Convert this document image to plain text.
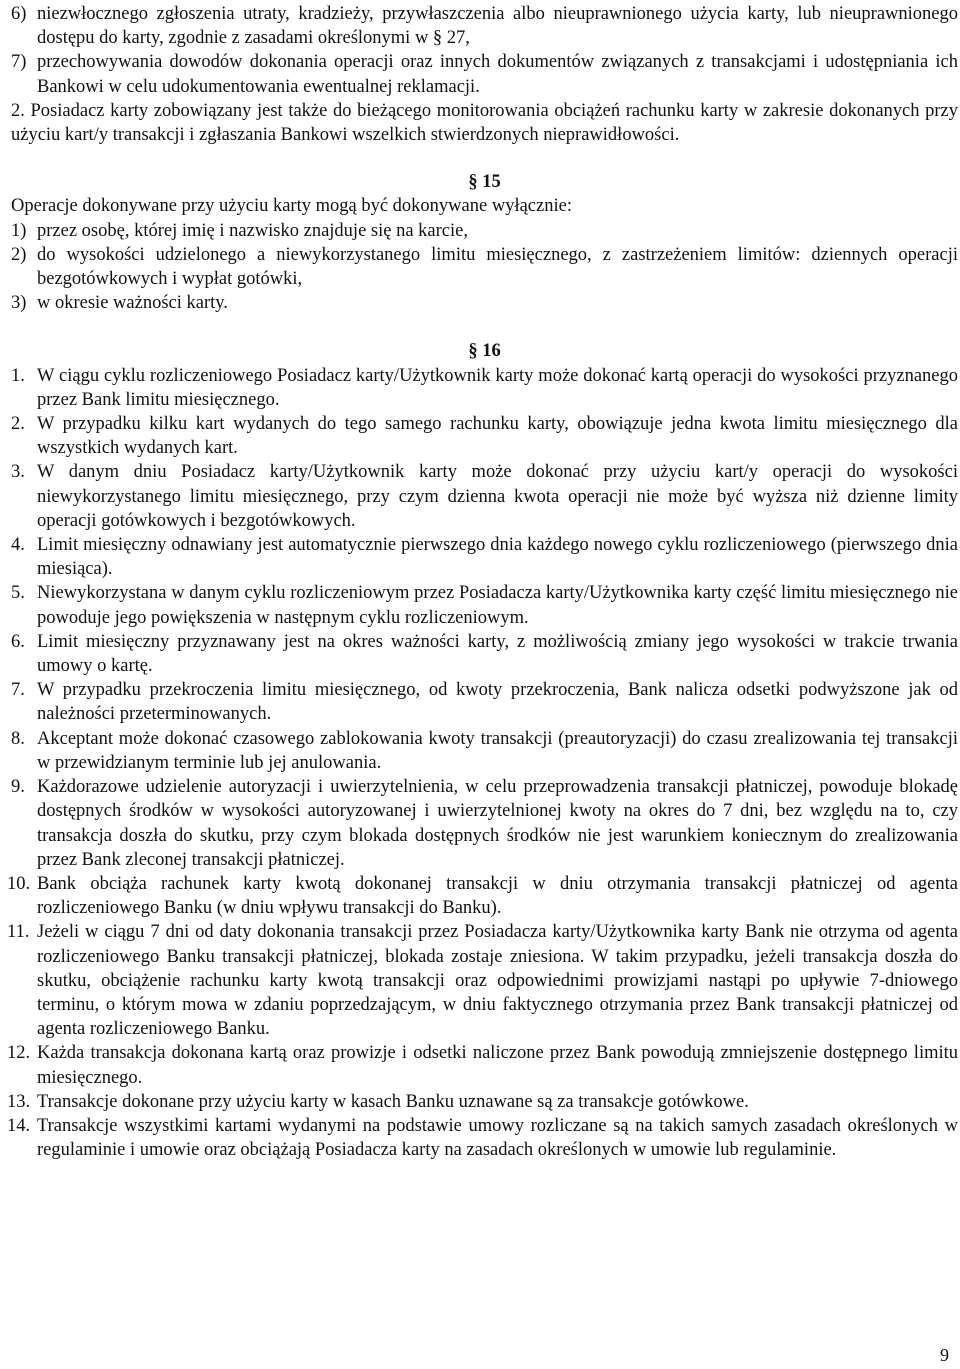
6) niezwłocznego zgłoszenia utraty, kradzieży, przywłaszczenia albo nieuprawnionego użycia karty, lub nieuprawnionego dostępu do karty, zgodnie z zasadami określonymi w § 27,
7) przechowywania dowodów dokonania operacji oraz innych dokumentów związanych z transakcjami i udostępniania ich Bankowi w celu udokumentowania ewentualnej reklamacji.

2. Posiadacz karty zobowiązany jest także do bieżącego monitorowania obciążeń rachunku karty w zakresie dokonanych przy użyciu kart/y transakcji i zgłaszania Bankowi wszelkich stwierdzonych nieprawidłowości.

§ 15

Operacje dokonywane przy użyciu karty mogą być dokonywane wyłącznie:

1) przez osobę, której imię i nazwisko znajduje się na karcie,
2) do wysokości udzielonego a niewykorzystanego limitu miesięcznego, z zastrzeżeniem limitów: dziennych operacji bezgotówkowych i wypłat gotówki,
3) w okresie ważności karty.

§ 16

1. W ciągu cyklu rozliczeniowego Posiadacz karty/Użytkownik karty może dokonać kartą operacji do wysokości przyznanego przez Bank limitu miesięcznego.
2. W przypadku kilku kart wydanych do tego samego rachunku karty, obowiązuje jedna kwota limitu miesięcznego dla wszystkich wydanych kart.
3. W danym dniu Posiadacz karty/Użytkownik karty może dokonać przy użyciu kart/y operacji do wysokości niewykorzystanego limitu miesięcznego, przy czym dzienna kwota operacji nie może być wyższa niż dzienne limity operacji gotówkowych i bezgotówkowych.
4. Limit miesięczny odnawiany jest automatycznie pierwszego dnia każdego nowego cyklu rozliczeniowego (pierwszego dnia miesiąca).
5. Niewykorzystana w danym cyklu rozliczeniowym przez Posiadacza karty/Użytkownika karty część limitu miesięcznego nie powoduje jego powiększenia w następnym cyklu rozliczeniowym.
6. Limit miesięczny przyznawany jest na okres ważności karty, z możliwością zmiany jego wysokości w trakcie trwania umowy o kartę.
7. W przypadku przekroczenia limitu miesięcznego, od kwoty przekroczenia, Bank nalicza odsetki podwyższone jak od należności przeterminowanych.
8. Akceptant może dokonać czasowego zablokowania kwoty transakcji (preautoryzacji) do czasu zrealizowania tej transakcji w przewidzianym terminie lub jej anulowania.
9. Każdorazowe udzielenie autoryzacji i uwierzytelnienia, w celu przeprowadzenia transakcji płatniczej, powoduje blokadę dostępnych środków w wysokości autoryzowanej i uwierzytelnionej kwoty na okres do 7 dni, bez względu na to, czy transakcja doszła do skutku, przy czym blokada dostępnych środków nie jest warunkiem koniecznym do zrealizowania przez Bank zleconej transakcji płatniczej.
10. Bank obciąża rachunek karty kwotą dokonanej transakcji w dniu otrzymania transakcji płatniczej od agenta rozliczeniowego Banku (w dniu wpływu transakcji do Banku).
11. Jeżeli w ciągu 7 dni od daty dokonania transakcji przez Posiadacza karty/Użytkownika karty Bank nie otrzyma od agenta rozliczeniowego Banku transakcji płatniczej, blokada zostaje zniesiona. W takim przypadku, jeżeli transakcja doszła do skutku, obciążenie rachunku karty kwotą transakcji oraz odpowiednimi prowizjami nastąpi po upływie 7-dniowego terminu, o którym mowa w zdaniu poprzedzającym, w dniu faktycznego otrzymania przez Bank transakcji płatniczej od agenta rozliczeniowego Banku.
12. Każda transakcja dokonana kartą oraz prowizje i odsetki naliczone przez Bank powodują zmniejszenie dostępnego limitu miesięcznego.
13. Transakcje dokonane przy użyciu karty w kasach Banku uznawane są za transakcje gotówkowe.
14. Transakcje wszystkimi kartami wydanymi na podstawie umowy rozliczane są na takich samych zasadach określonych w regulaminie i umowie oraz obciążają Posiadacza karty na zasadach określonych w umowie lub regulaminie.
9
